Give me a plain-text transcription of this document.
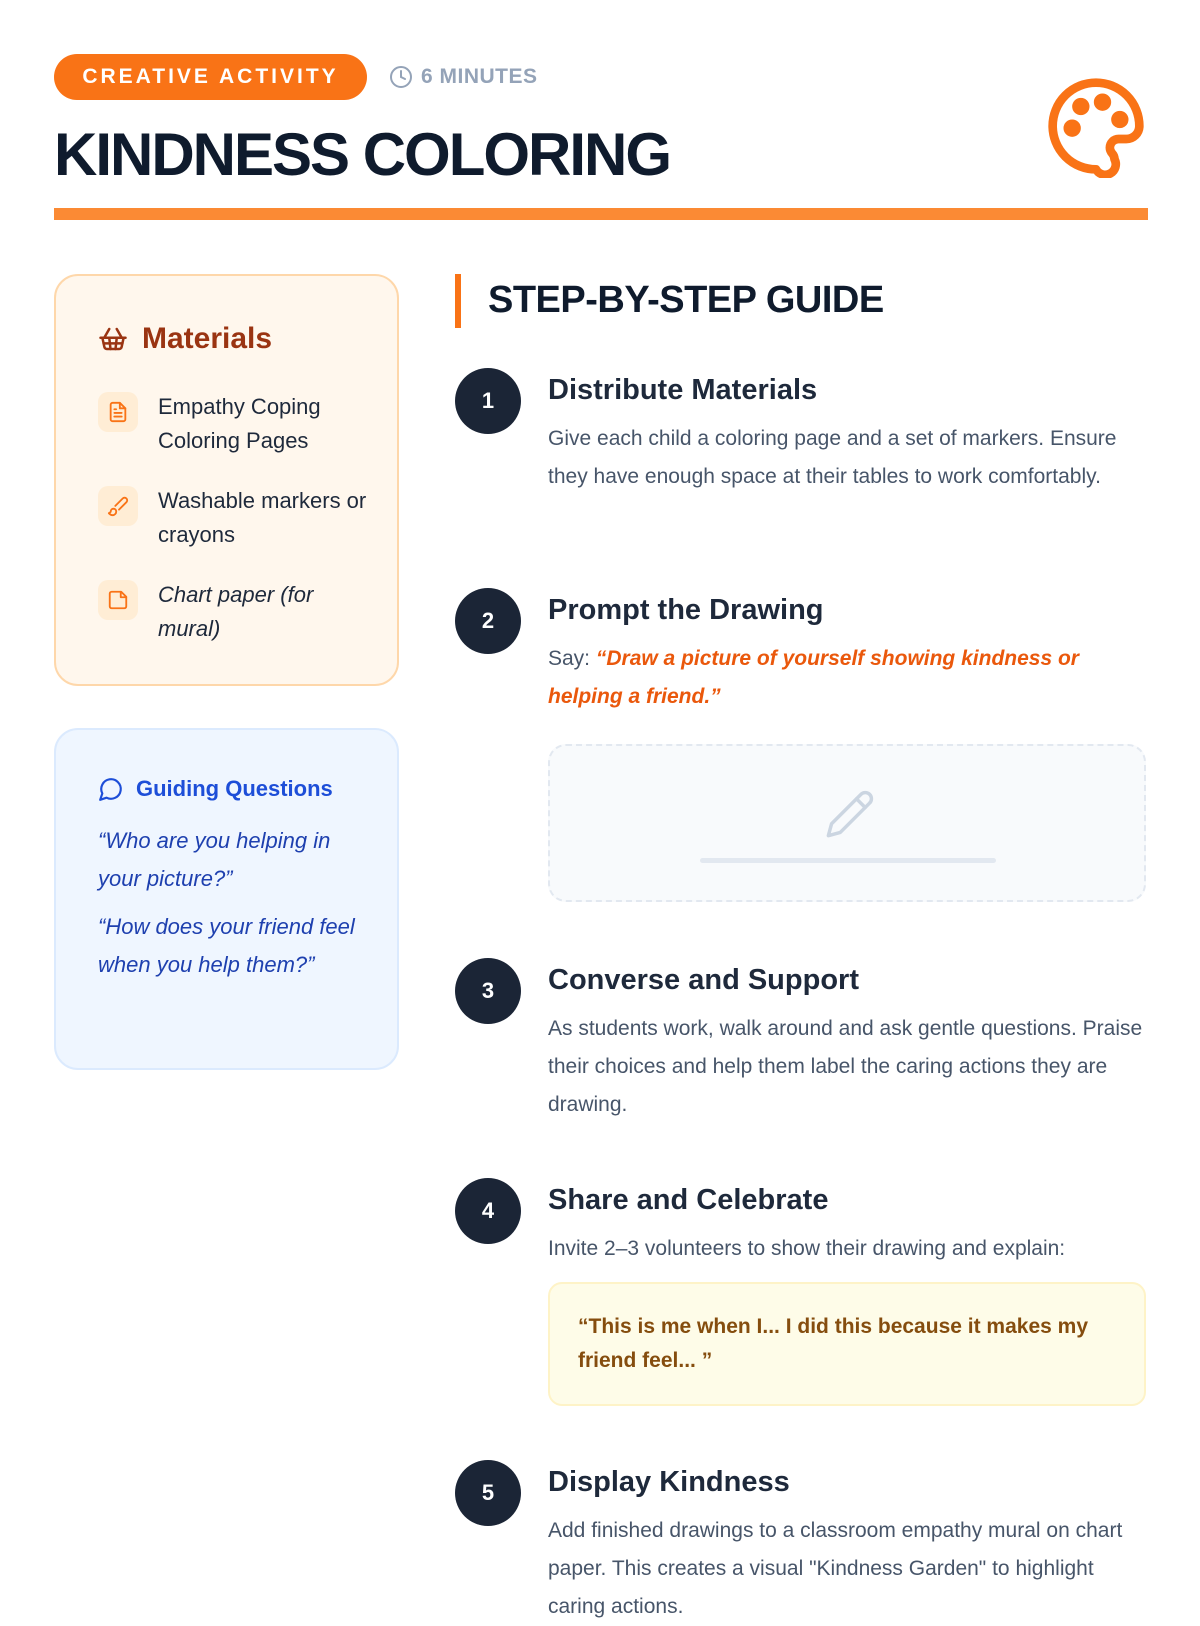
CREATIVE ACTIVITY	6 MINUTES
KINDNESS COLORING
Materials
Empathy Coping Coloring Pages
Washable markers or crayons
Chart paper (for mural)
Guiding Questions

“Who are you helping in your picture?”

“How does your friend feel when you help them?”

STEP-BY-STEP GUIDE
1	Distribute Materials

Give each child a coloring page and a set of markers. Ensure they have enough space at their tables to work comfortably.

2	Prompt the Drawing

Say: “Draw a picture of yourself showing kindness or helping a friend.”

3	Converse and Support

As students work, walk around and ask gentle questions. Praise their choices and help them label the caring actions they are drawing.

4	Share and Celebrate

Invite 2–3 volunteers to show their drawing and explain:

“This is me when I... I did this because it makes my friend feel... ”

5	Display Kindness

Add finished drawings to a classroom empathy mural on chart paper. This creates a visual "Kindness Garden" to highlight caring actions.
